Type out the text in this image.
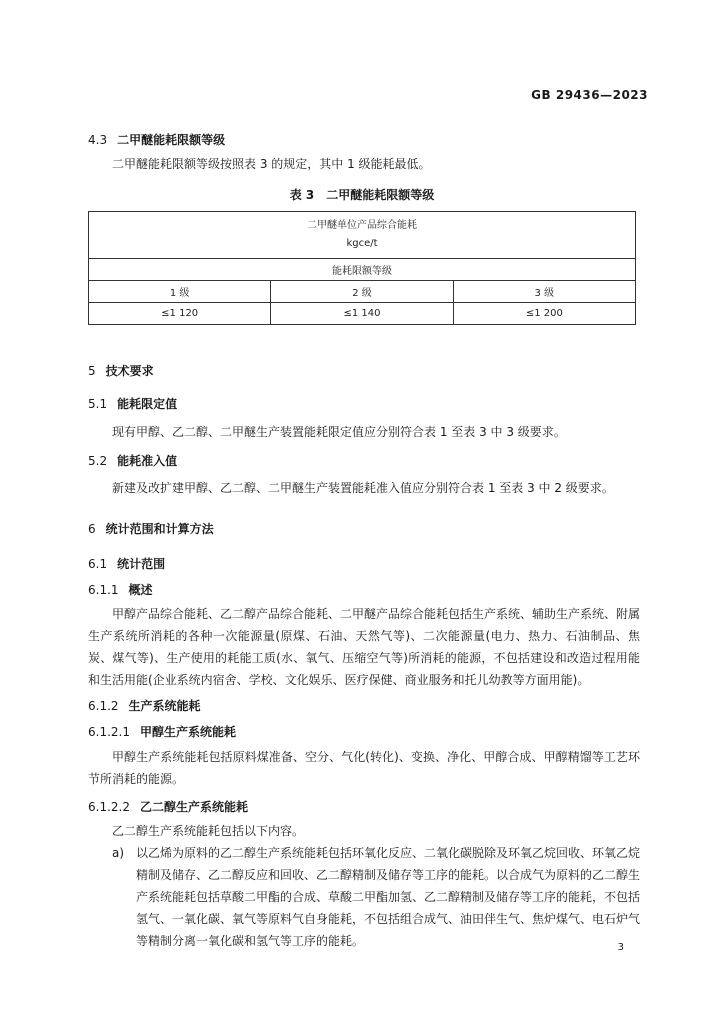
GB 29436—2023
4.3 二甲醚能耗限额等级

二甲醚能耗限额等级按照表 3 的规定，其中 1 级能耗最低。

表 3　二甲醚能耗限额等级
二甲醚单位产品综合能耗
kgce/t		

能耗限额等级		
1 级	2 级	3 级
≤1 120	≤1 140	≤1 200
5 技术要求
5.1 能耗限定值

现有甲醇、乙二醇、二甲醚生产装置能耗限定值应分别符合表 1 至表 3 中 3 级要求。

5.2 能耗准入值

新建及改扩建甲醇、乙二醇、二甲醚生产装置能耗准入值应分别符合表 1 至表 3 中 2 级要求。

6 统计范围和计算方法
6.1 统计范围
6.1.1 概述

甲醇产品综合能耗、乙二醇产品综合能耗、二甲醚产品综合能耗包括生产系统、辅助生产系统、附属生产系统所消耗的各种一次能源量(原煤、石油、天然气等)、二次能源量(电力、热力、石油制品、焦炭、煤气等)、生产使用的耗能工质(水、氧气、压缩空气等)所消耗的能源，不包括建设和改造过程用能和生活用能(企业系统内宿舍、学校、文化娱乐、医疗保健、商业服务和托儿幼教等方面用能)。

6.1.2 生产系统能耗
6.1.2.1 甲醇生产系统能耗

甲醇生产系统能耗包括原料煤准备、空分、气化(转化)、变换、净化、甲醇合成、甲醇精馏等工艺环节所消耗的能源。

6.1.2.2 乙二醇生产系统能耗

乙二醇生产系统能耗包括以下内容。

a) 以乙烯为原料的乙二醇生产系统能耗包括环氧化反应、二氧化碳脱除及环氧乙烷回收、环氧乙烷精制及储存、乙二醇反应和回收、乙二醇精制及储存等工序的能耗。以合成气为原料的乙二醇生产系统能耗包括草酸二甲酯的合成、草酸二甲酯加氢、乙二醇精制及储存等工序的能耗，不包括氢气、一氧化碳、氧气等原料气自身能耗，不包括组合成气、油田伴生气、焦炉煤气、电石炉气等精制分离一氧化碳和氢气等工序的能耗。	3
